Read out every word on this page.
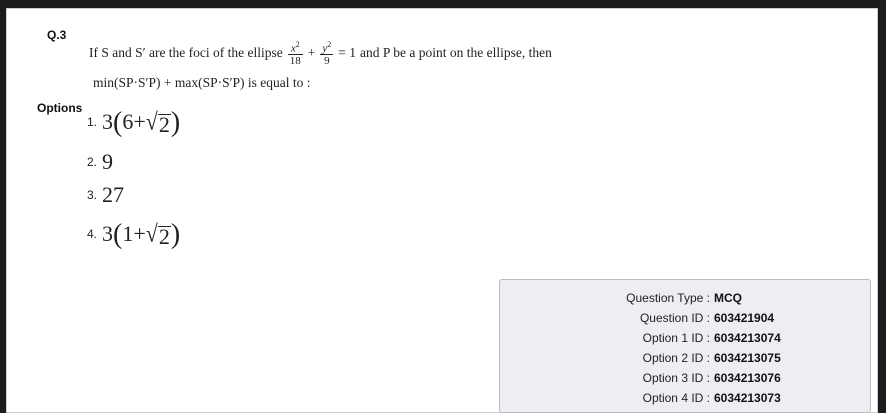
Q.3
If S and S′ are the foci of the ellipse $\frac{x^2}{18} + \frac{y^2}{9} = 1$ and P be a point on the ellipse, then
min(SP·S′P) + max(SP·S′P) is equal to :
Options
1. 3(6+ √ 2 )
2. 9
3. 27
4. 3(1+ √ 2 )
Question Type : MCQ
Question ID : 603421904
Option 1 ID : 6034213074
Option 2 ID : 6034213075
Option 3 ID : 6034213076
Option 4 ID : 6034213073
